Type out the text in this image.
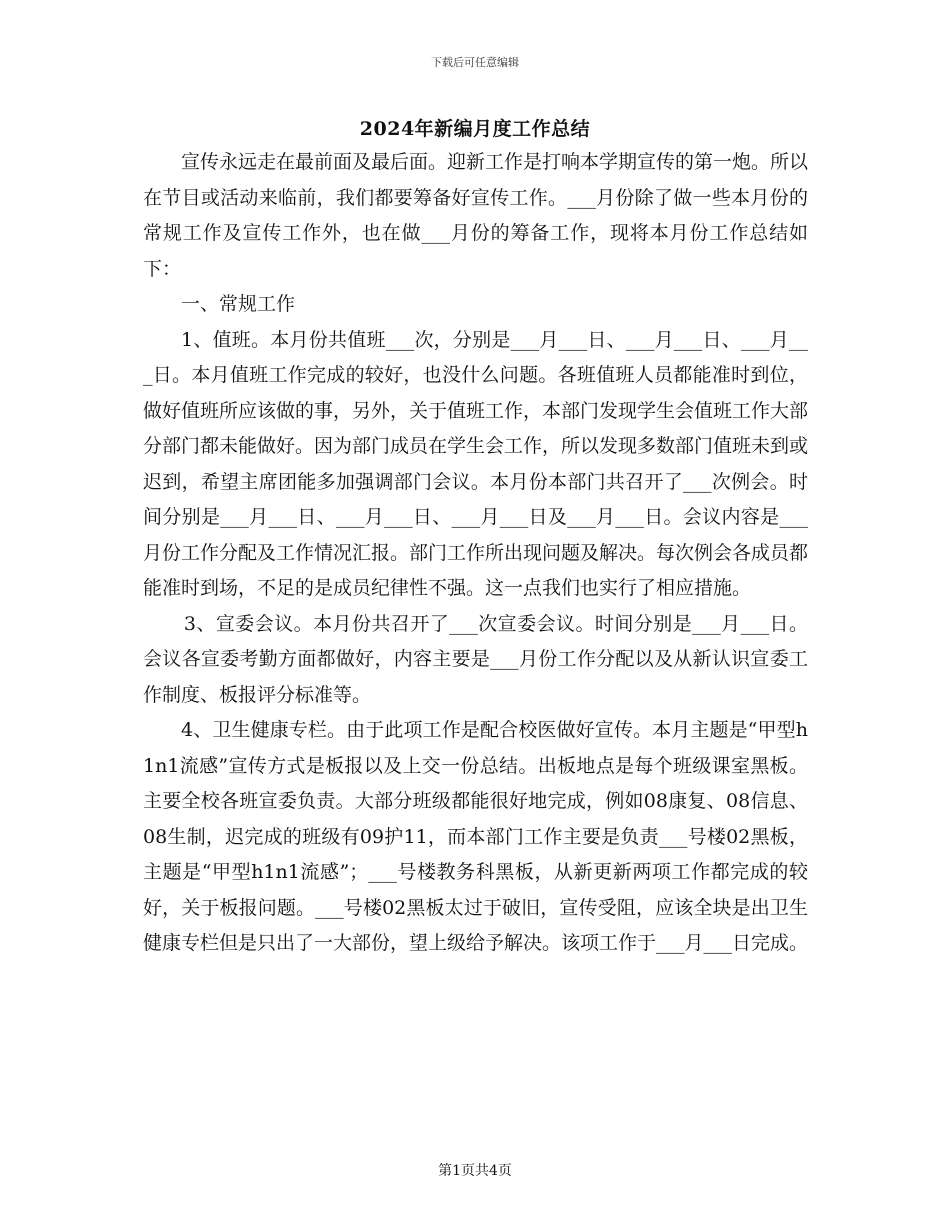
下载后可任意编辑
2024年新编月度工作总结

宣传永远走在最前面及最后面。迎新工作是打响本学期宣传的第一炮。所以在节目或活动来临前，我们都要筹备好宣传工作。___月份除了做一些本月份的常规工作及宣传工作外，也在做___月份的筹备工作，现将本月份工作总结如下：

一、常规工作

1、值班。本月份共值班___次，分别是___月___日、___月___日、___月___日。本月值班工作完成的较好，也没什么问题。各班值班人员都能准时到位，做好值班所应该做的事，另外，关于值班工作，本部门发现学生会值班工作大部分部门都未能做好。因为部门成员在学生会工作，所以发现多数部门值班未到或迟到，希望主席团能多加强调部门会议。本月份本部门共召开了___次例会。时间分别是___月___日、___月___日、___月___日及___月___日。会议内容是___月份工作分配及工作情况汇报。部门工作所出现问题及解决。每次例会各成员都能准时到场，不足的是成员纪律性不强。这一点我们也实行了相应措施。

3、宣委会议。本月份共召开了___次宣委会议。时间分别是___月___日。会议各宣委考勤方面都做好，内容主要是___月份工作分配以及从新认识宣委工作制度、板报评分标准等。

4、卫生健康专栏。由于此项工作是配合校医做好宣传。本月主题是“甲型h1n1流感”宣传方式是板报以及上交一份总结。出板地点是每个班级课室黑板。主要全校各班宣委负责。大部分班级都能很好地完成，例如08康复、08信息、08生制，迟完成的班级有09护11，而本部门工作主要是负责___号楼02黑板，主题是“甲型h1n1流感”；___号楼教务科黑板，从新更新两项工作都完成的较好，关于板报问题。___号楼02黑板太过于破旧，宣传受阻，应该全块是出卫生健康专栏但是只出了一大部份，望上级给予解决。该项工作于___月___日完成。

第1页共4页
